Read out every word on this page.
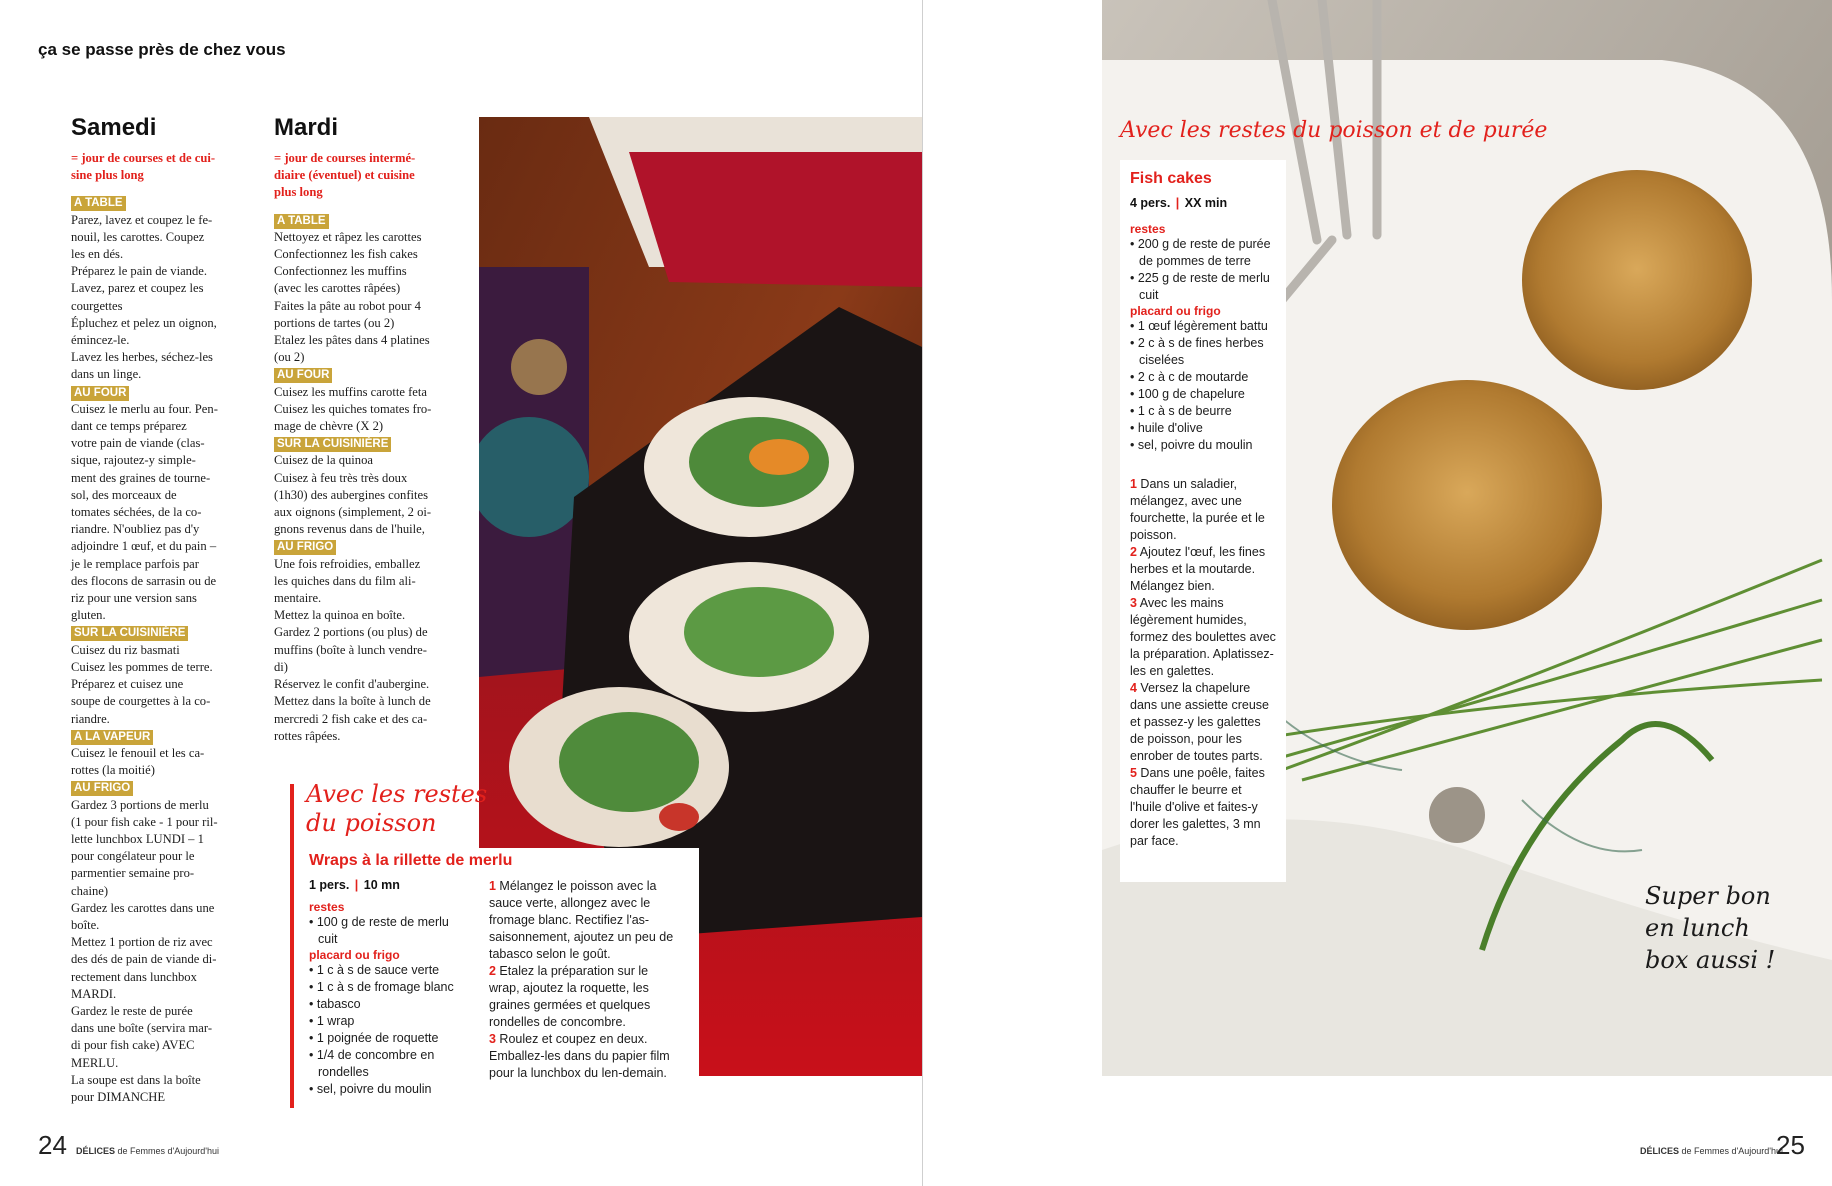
ça se passe près de chez vous
Samedi
= jour de courses et de cui-
sine plus long
A TABLE
Parez, lavez et coupez le fe-
nouil, les carottes. Coupez
les en dés.
Préparez le pain de viande.
Lavez, parez et coupez les
courgettes
Épluchez et pelez un oignon,
émincez-le.
Lavez les herbes, séchez-les
dans un linge.
AU FOUR
Cuisez le merlu au four. Pen-
dant ce temps préparez
votre pain de viande (clas-
sique, rajoutez-y simple-
ment des graines de tourne-
sol, des morceaux de
tomates séchées, de la co-
riandre. N'oubliez pas d'y
adjoindre 1 œuf, et du pain –
je le remplace parfois par
des flocons de sarrasin ou de
riz pour une version sans
gluten.
SUR LA CUISINIÈRE
Cuisez du riz basmati
Cuisez les pommes de terre.
Préparez et cuisez une
soupe de courgettes à la co-
riandre.
A LA VAPEUR
Cuisez le fenouil et les ca-
rottes (la moitié)
AU FRIGO
Gardez 3 portions de merlu
(1 pour fish cake - 1 pour ril-
lette lunchbox LUNDI – 1
pour congélateur pour le
parmentier semaine pro-
chaine)
Gardez les carottes dans une
boîte.
Mettez 1 portion de riz avec
des dés de pain de viande di-
rectement dans lunchbox
MARDI.
Gardez le reste de purée
dans une boîte (servira mar-
di pour fish cake) AVEC
MERLU.
La soupe est dans la boîte
pour DIMANCHE
Mardi
= jour de courses intermé-
diaire (éventuel) et cuisine
plus long
A TABLE
Nettoyez et râpez les carottes
Confectionnez les fish cakes
Confectionnez les muffins
(avec les carottes râpées)
Faites la pâte au robot pour 4
portions de tartes (ou 2)
Etalez les pâtes dans 4 platines
(ou 2)
AU FOUR
Cuisez les muffins carotte feta
Cuisez les quiches tomates fro-
mage de chèvre (X 2)
SUR LA CUISINIÈRE
Cuisez de la quinoa
Cuisez à feu très très doux
(1h30) des aubergines confites
aux oignons (simplement, 2 oi-
gnons revenus dans de l'huile,
AU FRIGO
Une fois refroidies, emballez
les quiches dans du film ali-
mentaire.
Mettez la quinoa en boîte.
Gardez 2 portions (ou plus) de
muffins (boîte à lunch vendre-
di)
Réservez le confit d'aubergine.
Mettez dans la boîte à lunch de
mercredi 2 fish cake et des ca-
rottes râpées.
Avec les restes du poisson et de purée
Fish cakes
4 pers. | XX min
restes
• 200 g de reste de purée de pommes de terre
• 225 g de reste de merlu cuit
placard ou frigo
• 1 œuf légèrement battu
• 2 c à s de fines herbes ciselées
• 2 c à c de moutarde
• 100 g de chapelure
• 1 c à s de beurre
• huile d'olive
• sel, poivre du moulin

1 Dans un saladier, mélangez, avec une fourchette, la purée et le poisson.

2 Ajoutez l'œuf, les fines herbes et la moutarde. Mélangez bien.

3 Avec les mains légèrement humides, formez des boulettes avec la préparation. Aplatissez-les en galettes.

4 Versez la chapelure dans une assiette creuse et passez-y les galettes de poisson, pour les enrober de toutes parts.

5 Dans une poêle, faites chauffer le beurre et l'huile d'olive et faites-y dorer les galettes, 3 mn par face.

Super bon
en lunch
box aussi !
Avec les restes
du poisson
Wraps à la rillette de merlu
1 pers. | 10 mn
restes
• 100 g de reste de merlu cuit
placard ou frigo
• 1 c à s de sauce verte
• 1 c à s de fromage blanc
• tabasco
• 1 wrap
• 1 poignée de roquette
• 1/4 de concombre en rondelles
• sel, poivre du moulin

1 Mélangez le poisson avec la sauce verte, allongez avec le fromage blanc. Rectifiez l'as-saisonnement, ajoutez un peu de tabasco selon le goût.

2 Etalez la préparation sur le wrap, ajoutez la roquette, les graines germées et quelques rondelles de concombre.

3 Roulez et coupez en deux. Emballez-les dans du papier film pour la lunchbox du len-demain.

24 DÉLICES de Femmes d'Aujourd'hui	DÉLICES de Femmes d'Aujourd'hui
25
